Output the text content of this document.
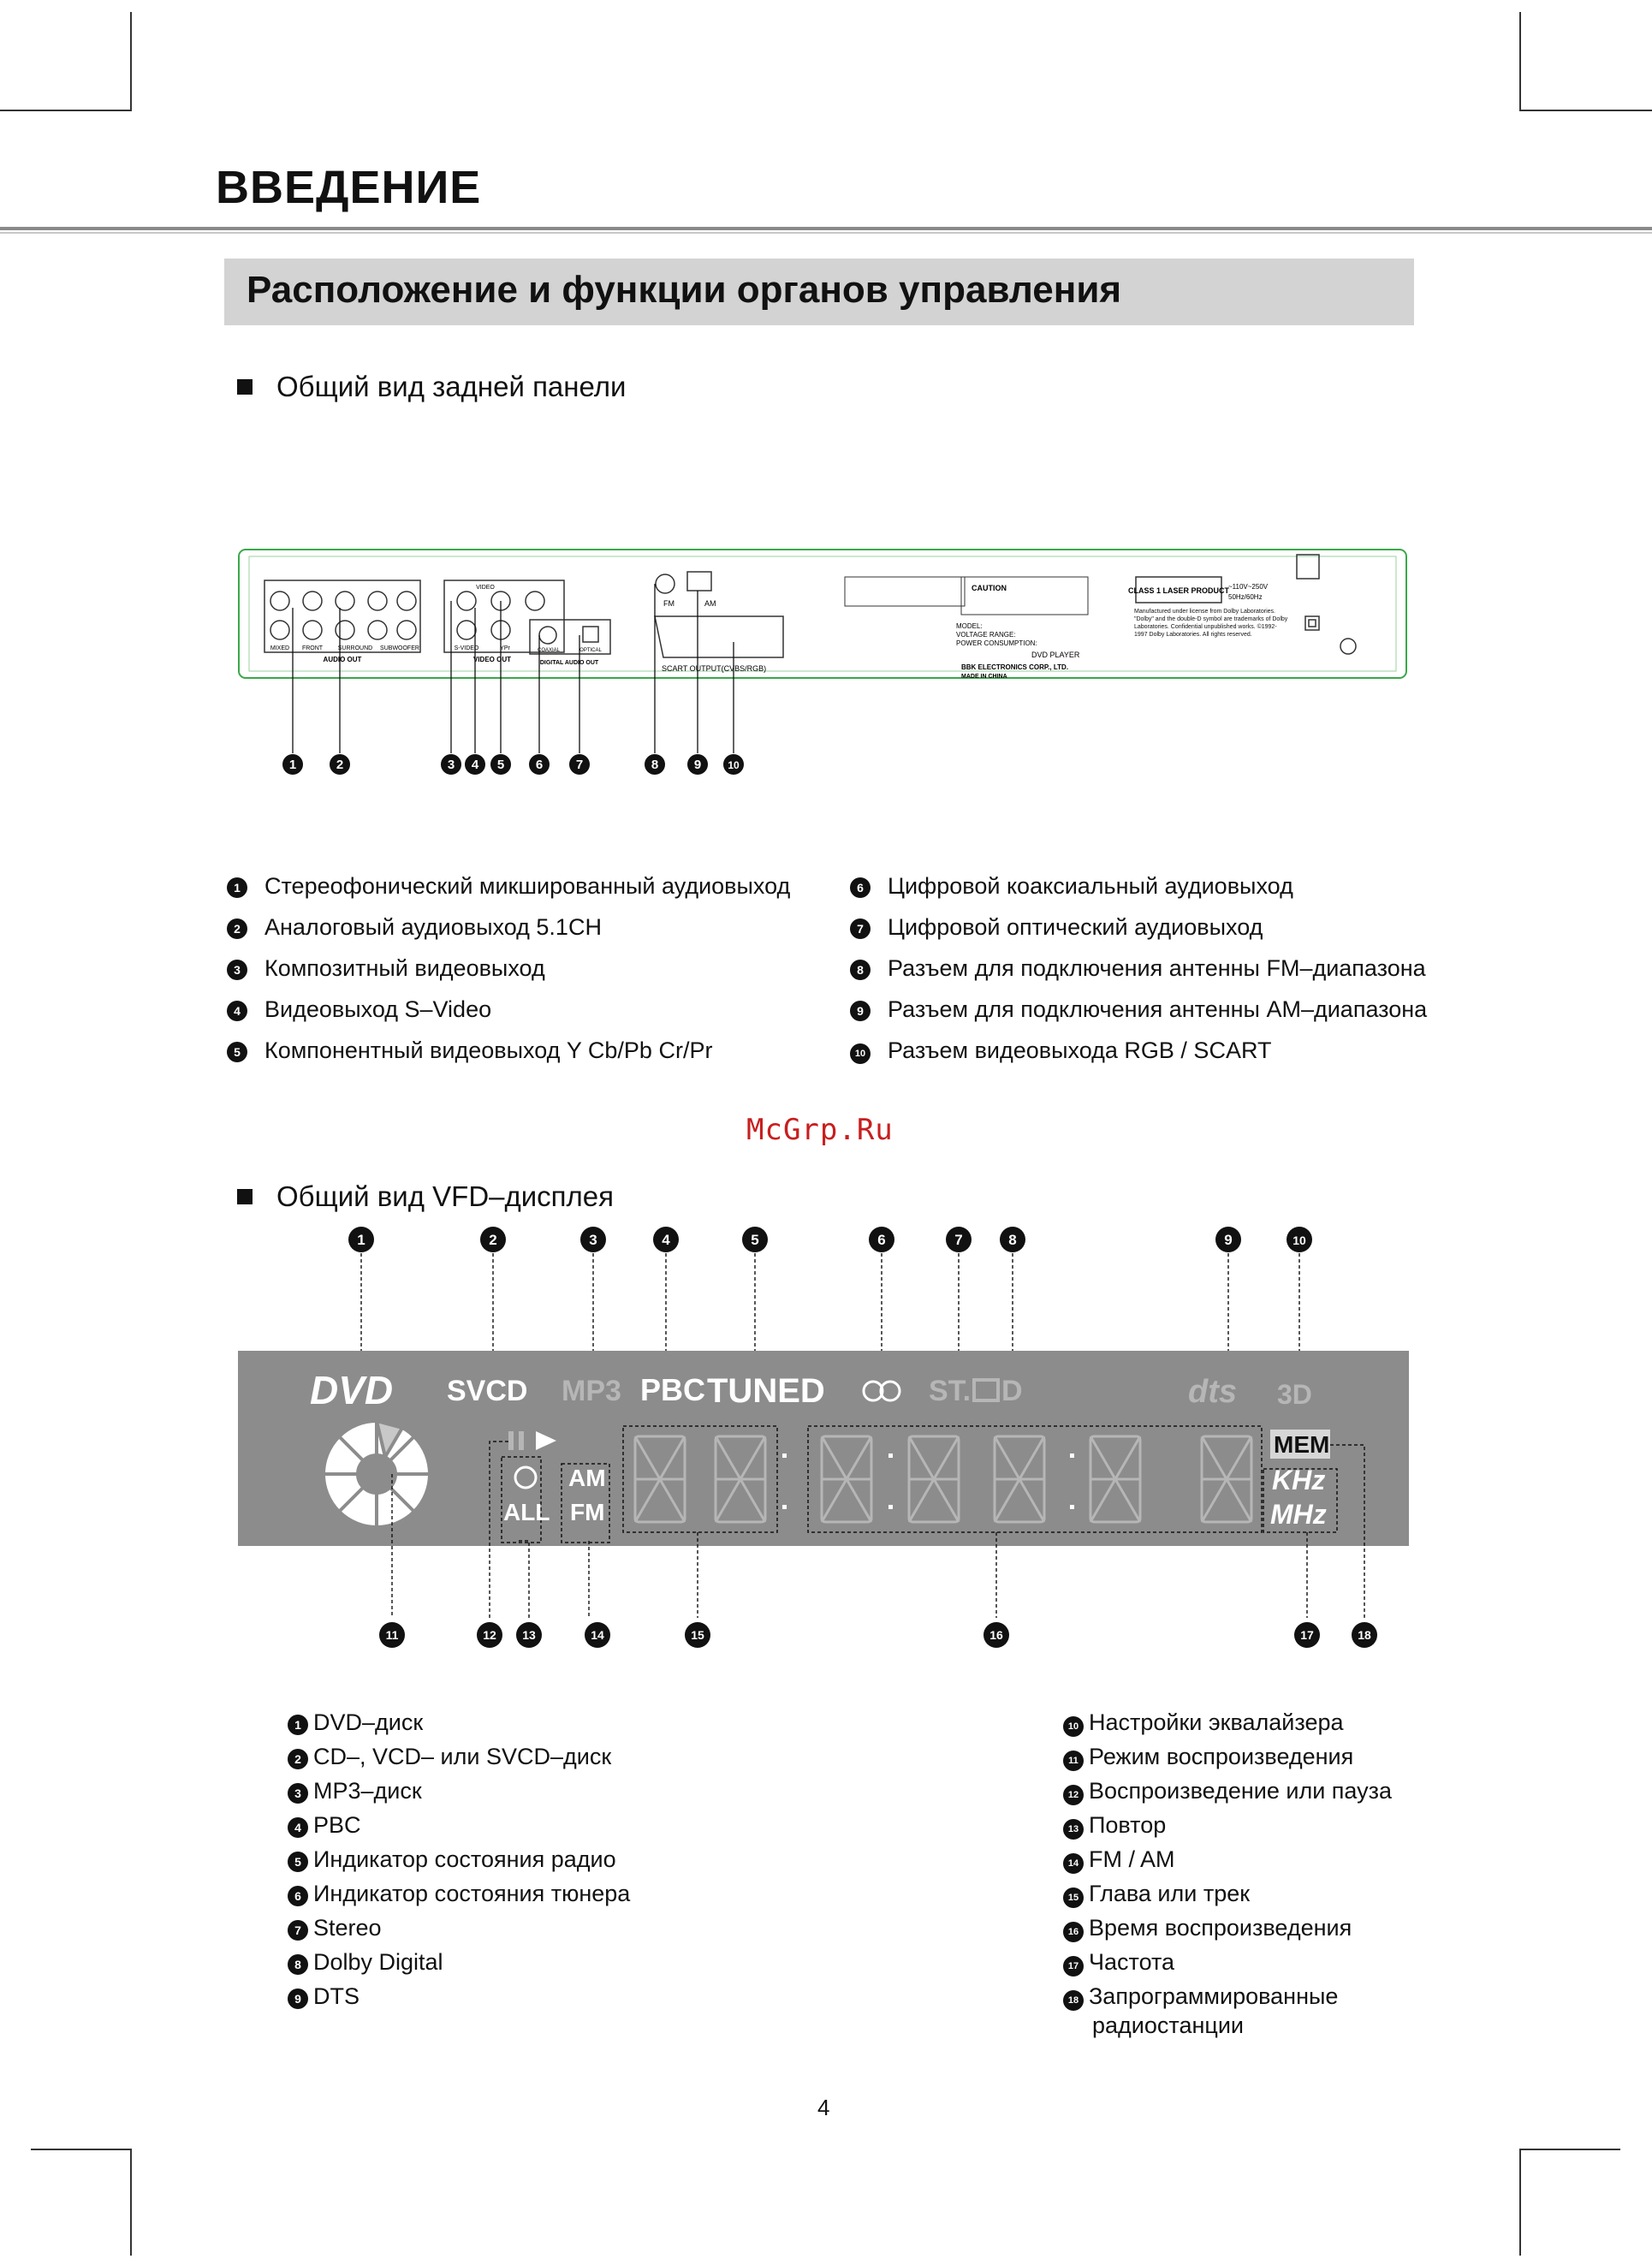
ВВЕДЕНИЕ
Расположение и функции органов управления
Общий вид задней панели
MIXED FRONT	SURROUND SUBWOOFER
AUDIO OUT
S-VIDEO	YPr
VIDEO
VIDEO OUT
COAXIAL	OPTICAL
DIGITAL AUDIO OUT
FM	AM
SCART OUTPUT(CVBS/RGB)
CAUTION
MODEL:
VOLTAGE RANGE:
POWER CONSUMPTION:
DVD PLAYER
BBK ELECTRONICS CORP., LTD.
MADE IN CHINA
CLASS 1 LASER PRODUCT
~110V~250V
50Hz/60Hz
Manufactured under license from Dolby Laboratories. "Dolby" and the double-D symbol are trademarks of Dolby Laboratories. Confidential unpublished works. ©1992-1997 Dolby Laboratories. All rights reserved.
1	2	3 4 5 6	7	8	9	10
1 Стереофонический микшированный аудиовыход
2 Аналоговый аудиовыход 5.1CH
3 Композитный видеовыход
4 Видеовыход S–Video
5 Компонентный видеовыход Y Cb/Pb Cr/Pr
6 Цифровой коаксиальный аудиовыход
7 Цифровой оптический аудиовыход
8 Разъем для подключения антенны FM–диапазона
9 Разъем для подключения антенны AM–диапазона
10 Разъем видеовыхода RGB / SCART
McGrp.Ru
Общий вид VFD–дисплея
1	2	3	4	5	6	7	8	9	10
DVD SVCD MP3 PBC TUNED	ST. D	dts 3D
ALL
AM
FM
MEM
KHz
MHz
11	12 13	14	15	16	17	18
1 DVD–диск
2 CD–, VCD– или SVCD–диск
3 MP3–диск
4 PBC
5 Индикатор состояния радио
6 Индикатор состояния тюнера
7 Stereo
8 Dolby Digital
9 DTS
10 Настройки эквалайзера
11 Режим воспроизведения
12 Воспроизведение или пауза
13 Повтор
14 FM / AM
15 Глава или трек
16 Время воспроизведения
17 Частота
18 Запрограммированные
радиостанции
4
